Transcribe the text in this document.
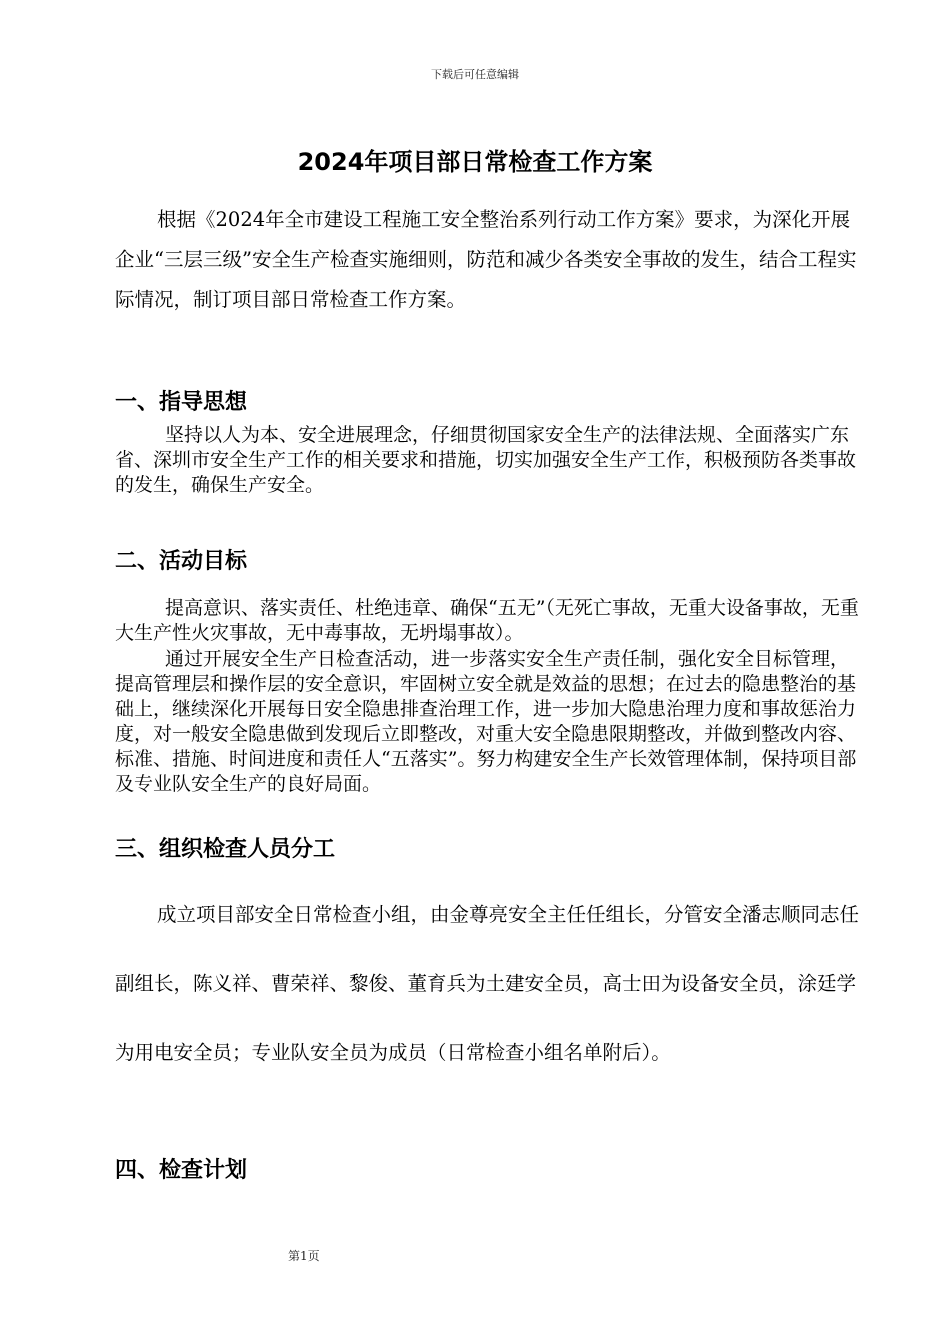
下载后可任意编辑
2024年项目部日常检查工作方案

根据《2024年全市建设工程施工安全整治系列行动工作方案》要求，为深化开展企业“三层三级”安全生产检查实施细则，防范和减少各类安全事故的发生，结合工程实际情况，制订项目部日常检查工作方案。

一、指导思想

坚持以人为本、安全进展理念，仔细贯彻国家安全生产的法律法规、全面落实广东省、深圳市安全生产工作的相关要求和措施，切实加强安全生产工作，积极预防各类事故的发生，确保生产安全。

二、活动目标

提高意识、落实责任、杜绝违章、确保“五无”（无死亡事故，无重大设备事故，无重大生产性火灾事故，无中毒事故，无坍塌事故）。

通过开展安全生产日检查活动，进一步落实安全生产责任制，强化安全目标管理，提高管理层和操作层的安全意识，牢固树立安全就是效益的思想；在过去的隐患整治的基础上，继续深化开展每日安全隐患排查治理工作，进一步加大隐患治理力度和事故惩治力度，对一般安全隐患做到发现后立即整改，对重大安全隐患限期整改，并做到整改内容、标准、措施、时间进度和责任人“五落实”。努力构建安全生产长效管理体制，保持项目部及专业队安全生产的良好局面。

三、组织检查人员分工

成立项目部安全日常检查小组，由金尊亮安全主任任组长，分管安全潘志顺同志任副组长，陈义祥、曹荣祥、黎俊、董育兵为土建安全员，高士田为设备安全员，涂廷学为用电安全员；专业队安全员为成员（日常检查小组名单附后）。

四、检查计划
第1页
